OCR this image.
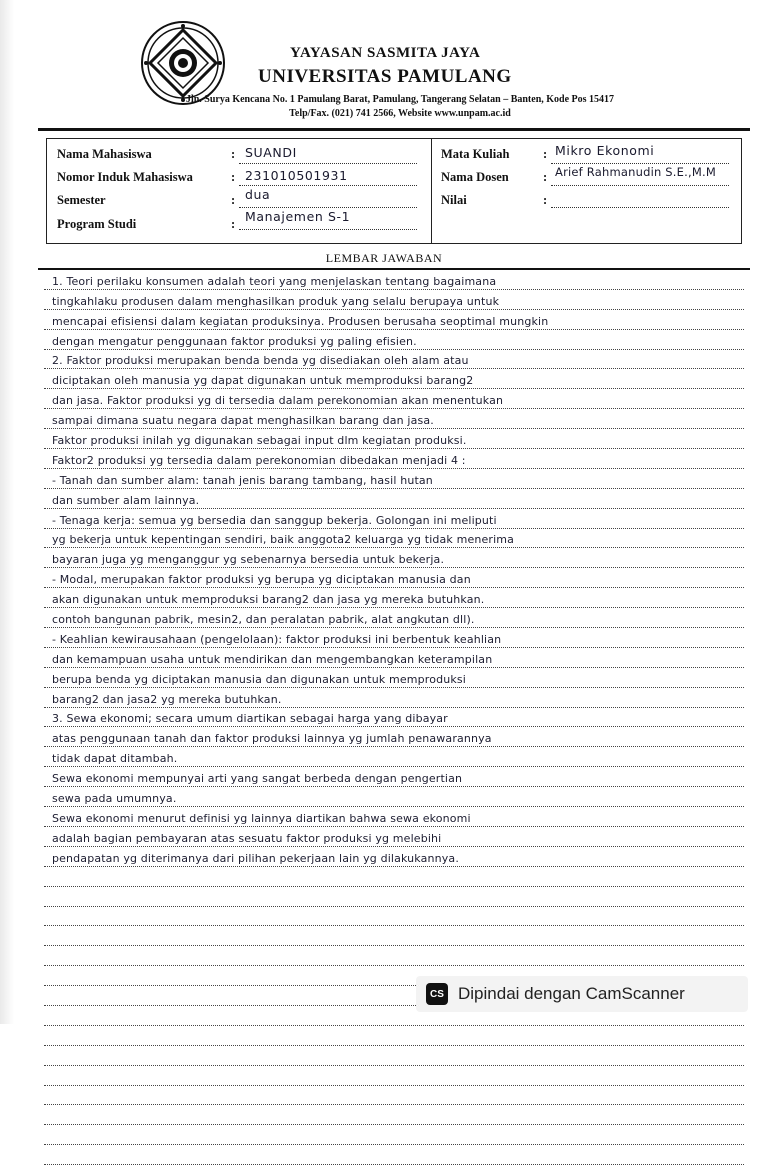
YAYASAN SASMITA JAYA
UNIVERSITAS PAMULANG
Jln. Surya Kencana No. 1 Pamulang Barat, Pamulang, Tangerang Selatan – Banten, Kode Pos 15417
Telp/Fax. (021) 741 2566, Website www.unpam.ac.id
Nama Mahasiswa	: SUANDI
Nomor Induk Mahasiswa	: 231010501931
Semester	: dua
Program Studi	: Manajemen S-1
Mata Kuliah	: Mikro Ekonomi
Nama Dosen	: Arief Rahmanudin S.E.,M.M
Nilai	:
LEMBAR JAWABAN
1. Teori perilaku konsumen adalah teori yang menjelaskan tentang bagaimana
tingkahlaku produsen dalam menghasilkan produk yang selalu berupaya untuk
mencapai efisiensi dalam kegiatan produksinya. Produsen berusaha seoptimal mungkin
dengan mengatur penggunaan faktor produksi yg paling efisien.
2. Faktor produksi merupakan benda benda yg disediakan oleh alam atau
diciptakan oleh manusia yg dapat digunakan untuk memproduksi barang2
dan jasa. Faktor produksi yg di tersedia dalam perekonomian akan menentukan
sampai dimana suatu negara dapat menghasilkan barang dan jasa.
Faktor produksi inilah yg digunakan sebagai input dlm kegiatan produksi.
Faktor2 produksi yg tersedia dalam perekonomian dibedakan menjadi 4 :
- Tanah dan sumber alam: tanah jenis barang tambang, hasil hutan
dan sumber alam lainnya.
- Tenaga kerja: semua yg bersedia dan sanggup bekerja. Golongan ini meliputi
yg bekerja untuk kepentingan sendiri, baik anggota2 keluarga yg tidak menerima
bayaran juga yg menganggur yg sebenarnya bersedia untuk bekerja.
- Modal, merupakan faktor produksi yg berupa yg diciptakan manusia dan
akan digunakan untuk memproduksi barang2 dan jasa yg mereka butuhkan.
contoh bangunan pabrik, mesin2, dan peralatan pabrik, alat angkutan dll).
- Keahlian kewirausahaan (pengelolaan): faktor produksi ini berbentuk keahlian
dan kemampuan usaha untuk mendirikan dan mengembangkan keterampilan
berupa benda yg diciptakan manusia dan digunakan untuk memproduksi
barang2 dan jasa2 yg mereka butuhkan.
3. Sewa ekonomi; secara umum diartikan sebagai harga yang dibayar
atas penggunaan tanah dan faktor produksi lainnya yg jumlah penawarannya
tidak dapat ditambah.
Sewa ekonomi mempunyai arti yang sangat berbeda dengan pengertian
sewa pada umumnya.
Sewa ekonomi menurut definisi yg lainnya diartikan bahwa sewa ekonomi
adalah bagian pembayaran atas sesuatu faktor produksi yg melebihi
pendapatan yg diterimanya dari pilihan pekerjaan lain yg dilakukannya.
CS Dipindai dengan CamScanner
